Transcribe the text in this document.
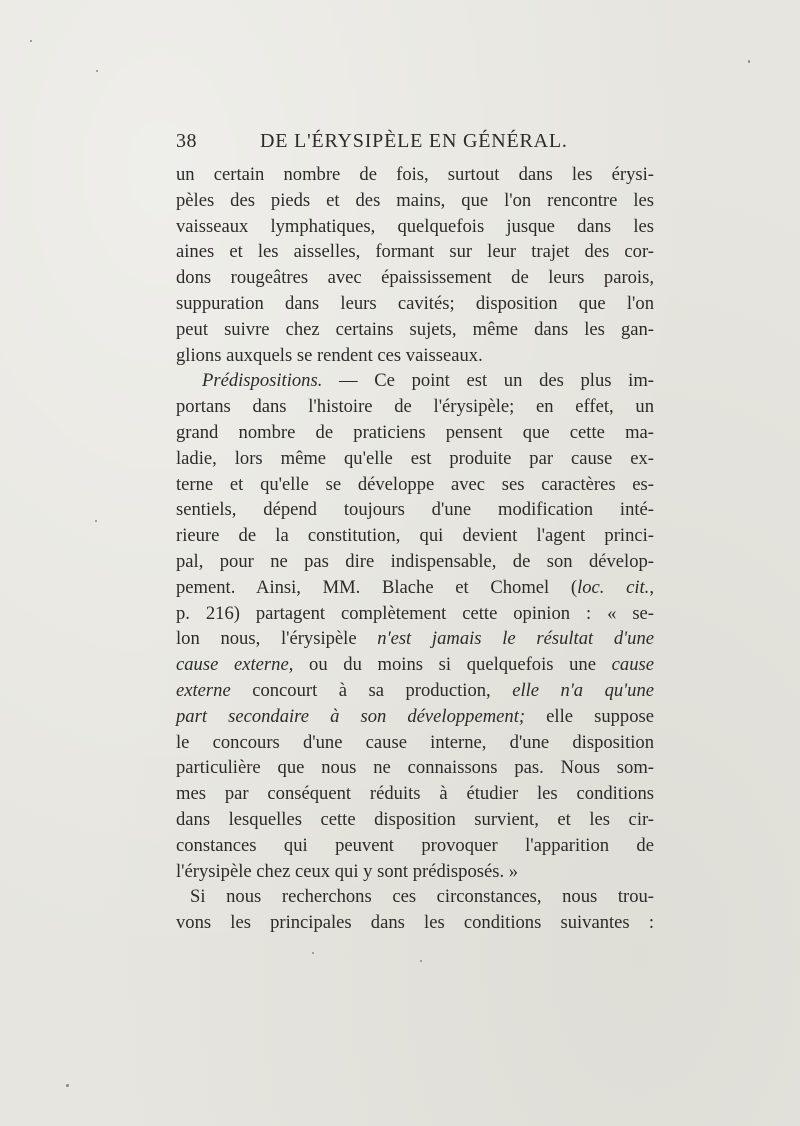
38	DE L'ÉRYSIPÈLE EN GÉNÉRAL.
un certain nombre de fois, surtout dans les érysi-
pèles des pieds et des mains, que l'on rencontre les
vaisseaux lymphatiques, quelquefois jusque dans les
aines et les aisselles, formant sur leur trajet des cor-
dons rougeâtres avec épaississement de leurs parois,
suppuration dans leurs cavités; disposition que l'on
peut suivre chez certains sujets, même dans les gan-
glions auxquels se rendent ces vaisseaux.
Prédispositions. — Ce point est un des plus im-
portans dans l'histoire de l'érysipèle; en effet, un
grand nombre de praticiens pensent que cette ma-
ladie, lors même qu'elle est produite par cause ex-
terne et qu'elle se développe avec ses caractères es-
sentiels, dépend toujours d'une modification inté-
rieure de la constitution, qui devient l'agent princi-
pal, pour ne pas dire indispensable, de son dévelop-
pement. Ainsi, MM. Blache et Chomel (loc. cit.,
p. 216) partagent complètement cette opinion : « se-
lon nous, l'érysipèle n'est jamais le résultat d'une
cause externe, ou du moins si quelquefois une cause
externe concourt à sa production, elle n'a qu'une
part secondaire à son développement; elle suppose
le concours d'une cause interne, d'une disposition
particulière que nous ne connaissons pas. Nous som-
mes par conséquent réduits à étudier les conditions
dans lesquelles cette disposition survient, et les cir-
constances qui peuvent provoquer l'apparition de
l'érysipèle chez ceux qui y sont prédisposés. »
Si nous recherchons ces circonstances, nous trou-
vons les principales dans les conditions suivantes :
